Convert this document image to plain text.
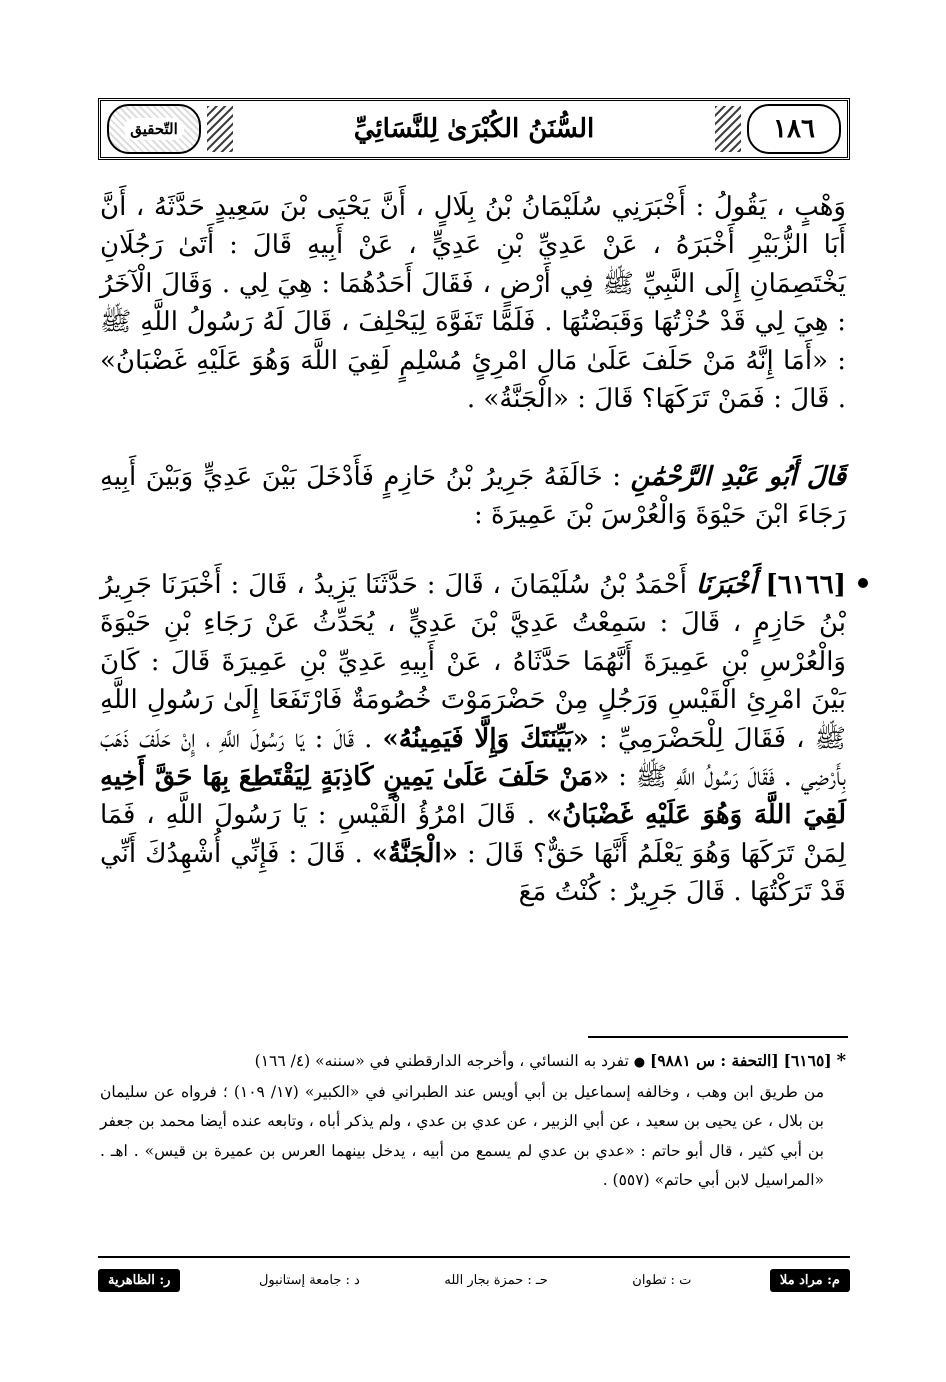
التّحقيق	السُّنَنُ الكُبْرَىٰ لِلنَّسَائِيِّ	١٨٦

وَهْبٍ ، يَقُولُ : أَخْبَرَنِي سُلَيْمَانُ بْنُ بِلَالٍ ، أَنَّ يَحْيَى بْنَ سَعِيدٍ حَدَّثَهُ ، أَنَّ أَبَا الزُّبَيْرِ أَخْبَرَهُ ، عَنْ عَدِيِّ بْنِ عَدِيٍّ ، عَنْ أَبِيهِ قَالَ : أَتَىٰ رَجُلَانِ يَخْتَصِمَانِ إِلَى النَّبِيِّ ﷺ فِي أَرْضٍ ، فَقَالَ أَحَدُهُمَا : هِيَ لِي . وَقَالَ الْآخَرُ : هِيَ لِي قَدْ حُزْتُهَا وَقَبَضْتُهَا . فَلَمَّا تَفَوَّهَ لِيَحْلِفَ ، قَالَ لَهُ رَسُولُ اللَّهِ ﷺ : «أَمَا إِنَّهُ مَنْ حَلَفَ عَلَىٰ مَالِ امْرِئٍ مُسْلِمٍ لَقِيَ اللَّهَ وَهُوَ عَلَيْهِ غَضْبَانُ» . قَالَ : فَمَنْ تَرَكَهَا؟ قَالَ : «الْجَنَّةُ» .

قَالَ أَبُو عَبْدِ الرَّحْمَٰنِ : خَالَفَهُ جَرِيرُ بْنُ حَازِمٍ فَأَدْخَلَ بَيْنَ عَدِيٍّ وَبَيْنَ أَبِيهِ رَجَاءَ ابْنَ حَيْوَةَ وَالْعُرْسَ بْنَ عَمِيرَةَ :

[٦١٦٦] أَخْبَرَنَا أَحْمَدُ بْنُ سُلَيْمَانَ ، قَالَ : حَدَّثَنَا يَزِيدُ ، قَالَ : أَخْبَرَنَا جَرِيرُ بْنُ حَازِمٍ ، قَالَ : سَمِعْتُ عَدِيَّ بْنَ عَدِيٍّ ، يُحَدِّثُ عَنْ رَجَاءِ بْنِ حَيْوَةَ وَالْعُرْسِ بْنِ عَمِيرَةَ أَنَّهُمَا حَدَّثَاهُ ، عَنْ أَبِيهِ عَدِيِّ بْنِ عَمِيرَةَ قَالَ : كَانَ بَيْنَ امْرِئِ الْقَيْسِ وَرَجُلٍ مِنْ حَضْرَمَوْتَ خُصُومَةٌ فَارْتَفَعَا إِلَىٰ رَسُولِ اللَّهِ ﷺ ، فَقَالَ لِلْحَضْرَمِيِّ : «بَيِّنَتَكَ وَإِلَّا فَيَمِينُهُ» . قَالَ : يَا رَسُولَ اللَّهِ ، إِنْ حَلَفَ ذَهَبَ بِأَرْضِي . فَقَالَ رَسُولُ اللَّهِ ﷺ : «مَنْ حَلَفَ عَلَىٰ يَمِينٍ كَاذِبَةٍ لِيَقْتَطِعَ بِهَا حَقَّ أَخِيهِ لَقِيَ اللَّهَ وَهُوَ عَلَيْهِ غَضْبَانُ» . قَالَ امْرُؤُ الْقَيْسِ : يَا رَسُولَ اللَّهِ ، فَمَا لِمَنْ تَرَكَهَا وَهُوَ يَعْلَمُ أَنَّهَا حَقٌّ؟ قَالَ : «الْجَنَّةُ» . قَالَ : فَإِنِّي أُشْهِدُكَ أَنِّي قَدْ تَرَكْتُهَا . قَالَ جَرِيرٌ : كُنْتُ مَعَ

* [٦١٦٥] [التحفة : س ٩٨٨١] ● تفرد به النسائي ، وأخرجه الدارقطني في «سننه» (٤/ ١٦٦)
من طريق ابن وهب ، وخالفه إسماعيل بن أبي أويس عند الطبراني في «الكبير» (١٧/ ١٠٩) ؛ فرواه عن سليمان بن بلال ، عن يحيى بن سعيد ، عن أبي الزبير ، عن عدي بن عدي ، ولم يذكر أباه ، وتابعه عنده أيضا محمد بن جعفر بن أبي كثير ، قال أبو حاتم : «عدي بن عدي لم يسمع من أبيه ، يدخل بينهما العرس بن عميرة بن قيس» . اهـ . «المراسيل لابن أبي حاتم» (٥٥٧) .
م: مراد ملا
ت : تطوان
حـ : حمزة بجار الله
د : جامعة إستانبول
ر: الظاهرية
